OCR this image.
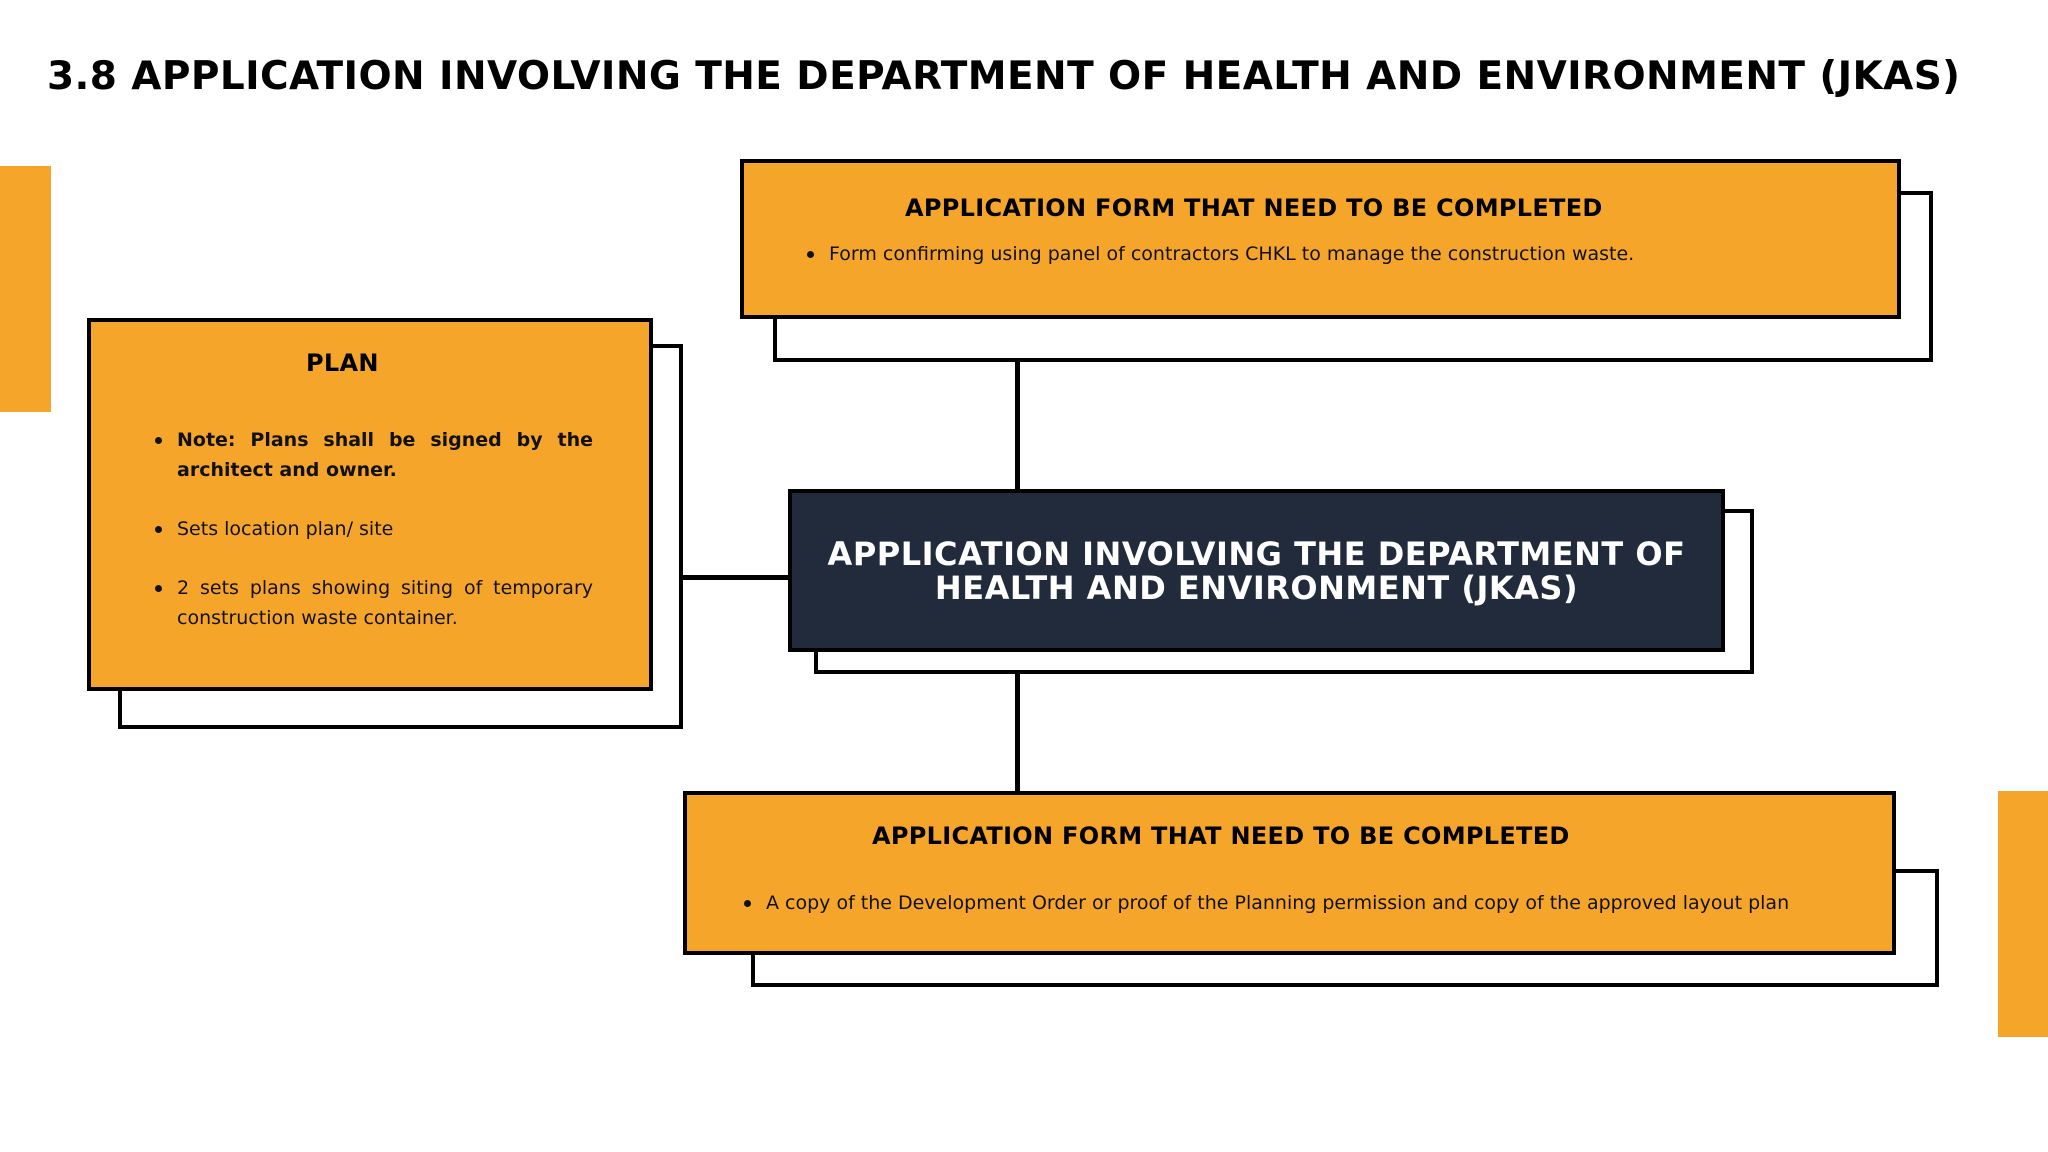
3.8 APPLICATION INVOLVING THE DEPARTMENT OF HEALTH AND ENVIRONMENT (JKAS)

APPLICATION FORM THAT NEED TO BE COMPLETED

Form confirming using panel of contractors CHKL to manage the construction waste.

PLAN

Note: Plans shall be signed by the architect and owner.
Sets location plan/ site
2 sets plans showing siting of temporary construction waste container.

APPLICATION INVOLVING THE DEPARTMENT OF HEALTH AND ENVIRONMENT (JKAS)

APPLICATION FORM THAT NEED TO BE COMPLETED

A copy of the Development Order or proof of the Planning permission and copy of the approved layout plan
